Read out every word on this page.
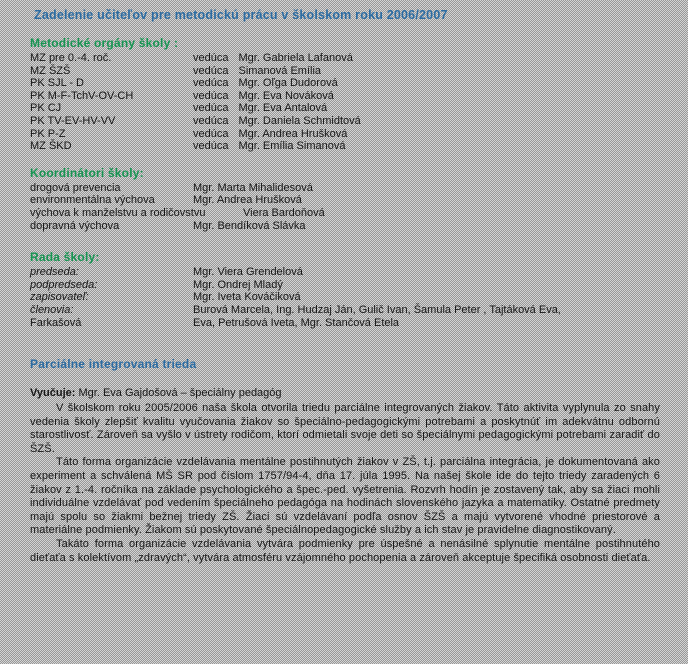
Zadelenie učiteľov pre metodickú prácu v školskom roku 2006/2007
Metodické orgány školy :
MZ pre 0.-4. roč.	vedúca Mgr. Gabriela Lafanová
MZ ŠZŠ	vedúca Simanová Emília
PK SJL - D	vedúca Mgr. Oľga Dudorová
PK M-F-TchV-OV-CH	vedúca Mgr. Eva Nováková
PK CJ	vedúca Mgr. Eva Antalová
PK TV-EV-HV-VV	vedúca Mgr. Daniela Schmidtová
PK P-Z	vedúca Mgr. Andrea Hrušková
MZ ŠKD	vedúca Mgr. Emília Simanová
Koordinátori školy:
drogová prevencia	Mgr. Marta Mihalidesová
environmentálna výchova	Mgr. Andrea Hrušková
výchova k manželstvu a rodičovstvu	Viera Bardoňová
dopravná výchova	Mgr. Bendíková Slávka
Rada školy:
predseda:	Mgr. Viera Grendelová
podpredseda:	Mgr. Ondrej Mladý
zapisovateľ:	Mgr. Iveta Kováčiková
členovia:	Burová Marcela, Ing. Hudzaj Ján, Gulič Ivan, Šamula Peter , Tajtáková Eva,
Farkašová	Eva, Petrušová Iveta, Mgr. Stančová Etela
Parciálne integrovaná trieda
Vyučuje: Mgr. Eva Gajdošová – špeciálny pedagóg

V školskom roku 2005/2006 naša škola otvorila triedu parciálne integrovaných žiakov. Táto aktivita vyplynula zo snahy vedenia školy zlepšiť kvalitu vyučovania žiakov so špeciálno-pedagogickými potrebami a poskytnúť im adekvátnu odbornú starostlivosť. Zároveň sa vyšlo v ústrety rodičom, ktorí odmietali svoje deti so špeciálnymi pedagogickými potrebami zaradiť do ŠZŠ.

Táto forma organizácie vzdelávania mentálne postihnutých žiakov v ZŠ, t.j. parciálna integrácia, je dokumentovaná ako experiment a schválená MŠ SR pod číslom 1757/94-4, dňa 17. júla 1995. Na našej škole ide do tejto triedy zaradených 6 žiakov z 1.-4. ročníka na základe psychologického a špec.-ped. vyšetrenia. Rozvrh hodín je zostavený tak, aby sa žiaci mohli individuálne vzdelávať pod vedením špeciálneho pedagóga na hodinách slovenského jazyka a matematiky. Ostatné predmety majú spolu so žiakmi bežnej triedy ZŠ. Žiaci sú vzdelávaní podľa osnov ŠZŠ a majú vytvorené vhodné priestorové a materiálne podmienky. Žiakom sú poskytované špeciálnopedagogické služby a ich stav je pravidelne diagnostikovaný.

Takáto forma organizácie vzdelávania vytvára podmienky pre úspešné a nenásilné splynutie mentálne postihnutého dieťaťa s kolektívom „zdravých“, vytvára atmosféru vzájomného pochopenia a zároveň akceptuje špecifiká osobnosti dieťaťa.
